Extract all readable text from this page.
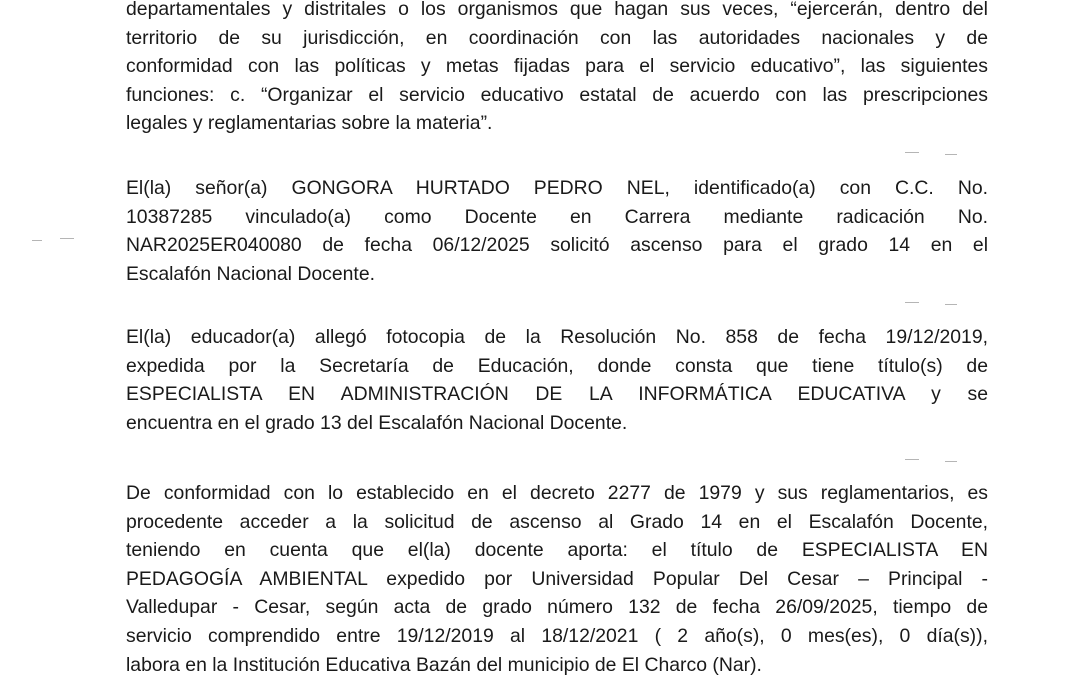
departamentales y distritales o los organismos que hagan sus veces, “ejercerán, dentro del
territorio de su jurisdicción, en coordinación con las autoridades nacionales y de
conformidad con las políticas y metas fijadas para el servicio educativo”, las siguientes
funciones: c. “Organizar el servicio educativo estatal de acuerdo con las prescripciones
legales y reglamentarias sobre la materia”.
El(la) señor(a) GONGORA HURTADO PEDRO NEL, identificado(a) con C.C. No.
10387285 vinculado(a) como Docente en Carrera mediante radicación No.
NAR2025ER040080 de fecha 06/12/2025 solicitó ascenso para el grado 14 en el
Escalafón Nacional Docente.
El(la) educador(a) allegó fotocopia de la Resolución No. 858 de fecha 19/12/2019,
expedida por la Secretaría de Educación, donde consta que tiene título(s) de
ESPECIALISTA EN ADMINISTRACIÓN DE LA INFORMÁTICA EDUCATIVA y se
encuentra en el grado 13 del Escalafón Nacional Docente.
De conformidad con lo establecido en el decreto 2277 de 1979 y sus reglamentarios, es
procedente acceder a la solicitud de ascenso al Grado 14 en el Escalafón Docente,
teniendo en cuenta que el(la) docente aporta: el título de ESPECIALISTA EN
PEDAGOGÍA AMBIENTAL expedido por Universidad Popular Del Cesar – Principal -
Valledupar - Cesar, según acta de grado número 132 de fecha 26/09/2025, tiempo de
servicio comprendido entre 19/12/2019 al 18/12/2021 ( 2 año(s), 0 mes(es), 0 día(s)),
labora en la Institución Educativa Bazán del municipio de El Charco (Nar).
